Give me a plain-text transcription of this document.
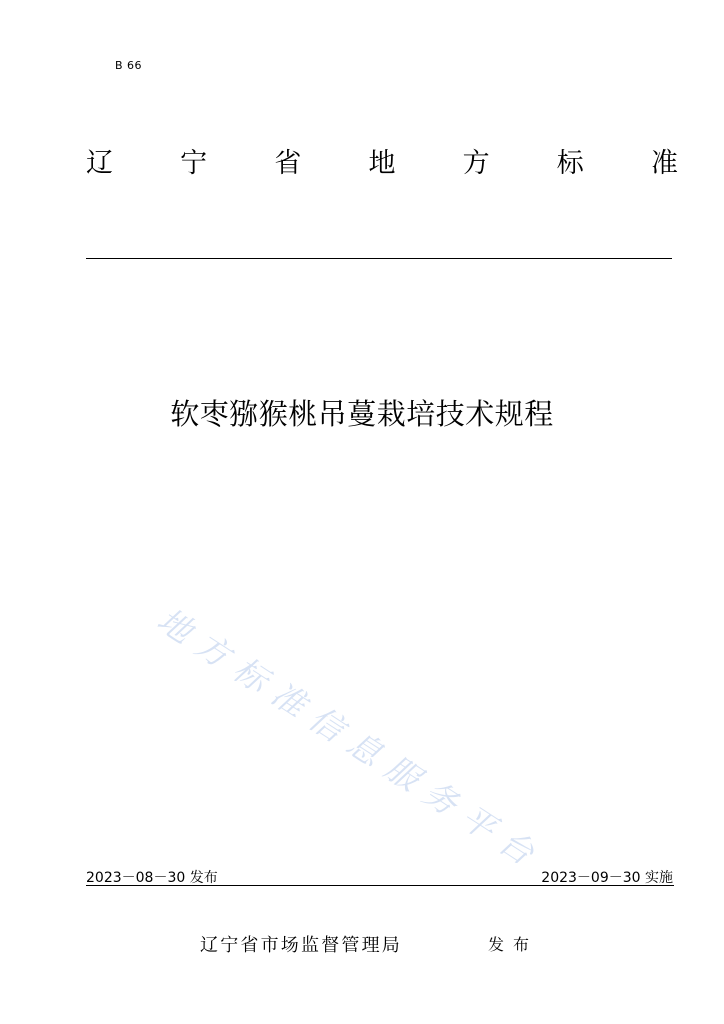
B 66
辽 宁 省 地 方 标 准
软枣猕猴桃吊蔓栽培技术规程
地
方
标
准
信
息
服
务
平
台
2023－08－30 发布	2023－09－30 实施
辽宁省市场监督管理局	发布
